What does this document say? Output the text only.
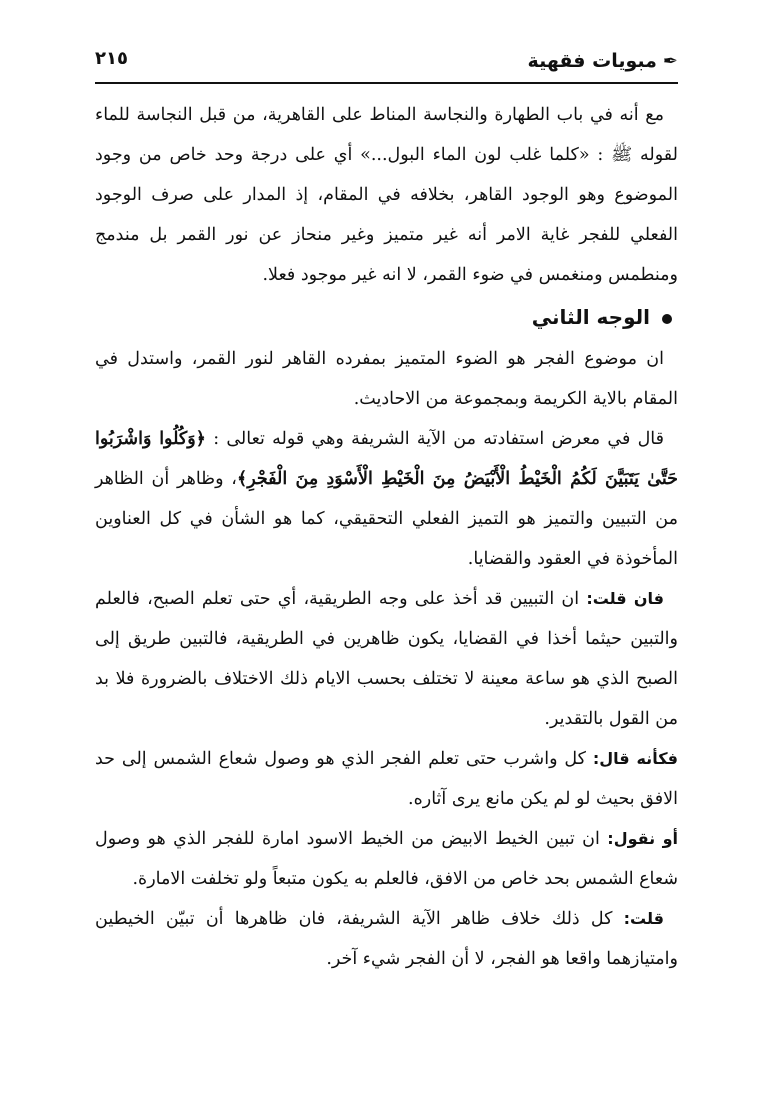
✒مبويات فقهية
٢١٥

مع أنه في باب الطهارة والنجاسة المناط على القاهرية، من قبل النجاسة للماء لقوله ﷺ : «كلما غلب لون الماء البول...» أي على درجة وحد خاص من وجود الموضوع وهو الوجود القاهر، بخلافه في المقام، إذ المدار على صرف الوجود الفعلي للفجر غاية الامر أنه غير متميز وغير منحاز عن نور القمر بل مندمج ومنطمس ومنغمس في ضوء القمر، لا انه غير موجود فعلا.

الوجه الثاني

ان موضوع الفجر هو الضوء المتميز بمفرده القاهر لنور القمر، واستدل في المقام بالاية الكريمة وبمجموعة من الاحاديث.

قال في معرض استفادته من الآية الشريفة وهي قوله تعالى : ﴿وَكُلُوا وَاشْرَبُوا حَتَّىٰ يَتَبَيَّنَ لَكُمُ الْخَيْطُ الْأَبْيَضُ مِنَ الْخَيْطِ الْأَسْوَدِ مِنَ الْفَجْرِ﴾، وظاهر أن الظاهر من التبيين والتميز هو التميز الفعلي التحقيقي، كما هو الشأن في كل العناوين المأخوذة في العقود والقضايا.

فان قلت: ان التبيين قد أخذ على وجه الطريقية، أي حتى تعلم الصبح، فالعلم والتبين حيثما أخذا في القضايا، يكون ظاهرين في الطريقية، فالتبين طريق إلى الصبح الذي هو ساعة معينة لا تختلف بحسب الايام ذلك الاختلاف بالضرورة فلا بد من القول بالتقدير.

فكأنه قال: كل واشرب حتى تعلم الفجر الذي هو وصول شعاع الشمس إلى حد الافق بحيث لو لم يكن مانع يرى آثاره.

أو نقول: ان تبين الخيط الابيض من الخيط الاسود امارة للفجر الذي هو وصول شعاع الشمس بحد خاص من الافق، فالعلم به يكون متبعاً ولو تخلفت الامارة.

قلت: كل ذلك خلاف ظاهر الآية الشريفة، فان ظاهرها أن تبيّن الخيطين وامتيازهما واقعا هو الفجر، لا أن الفجر شيء آخر.
